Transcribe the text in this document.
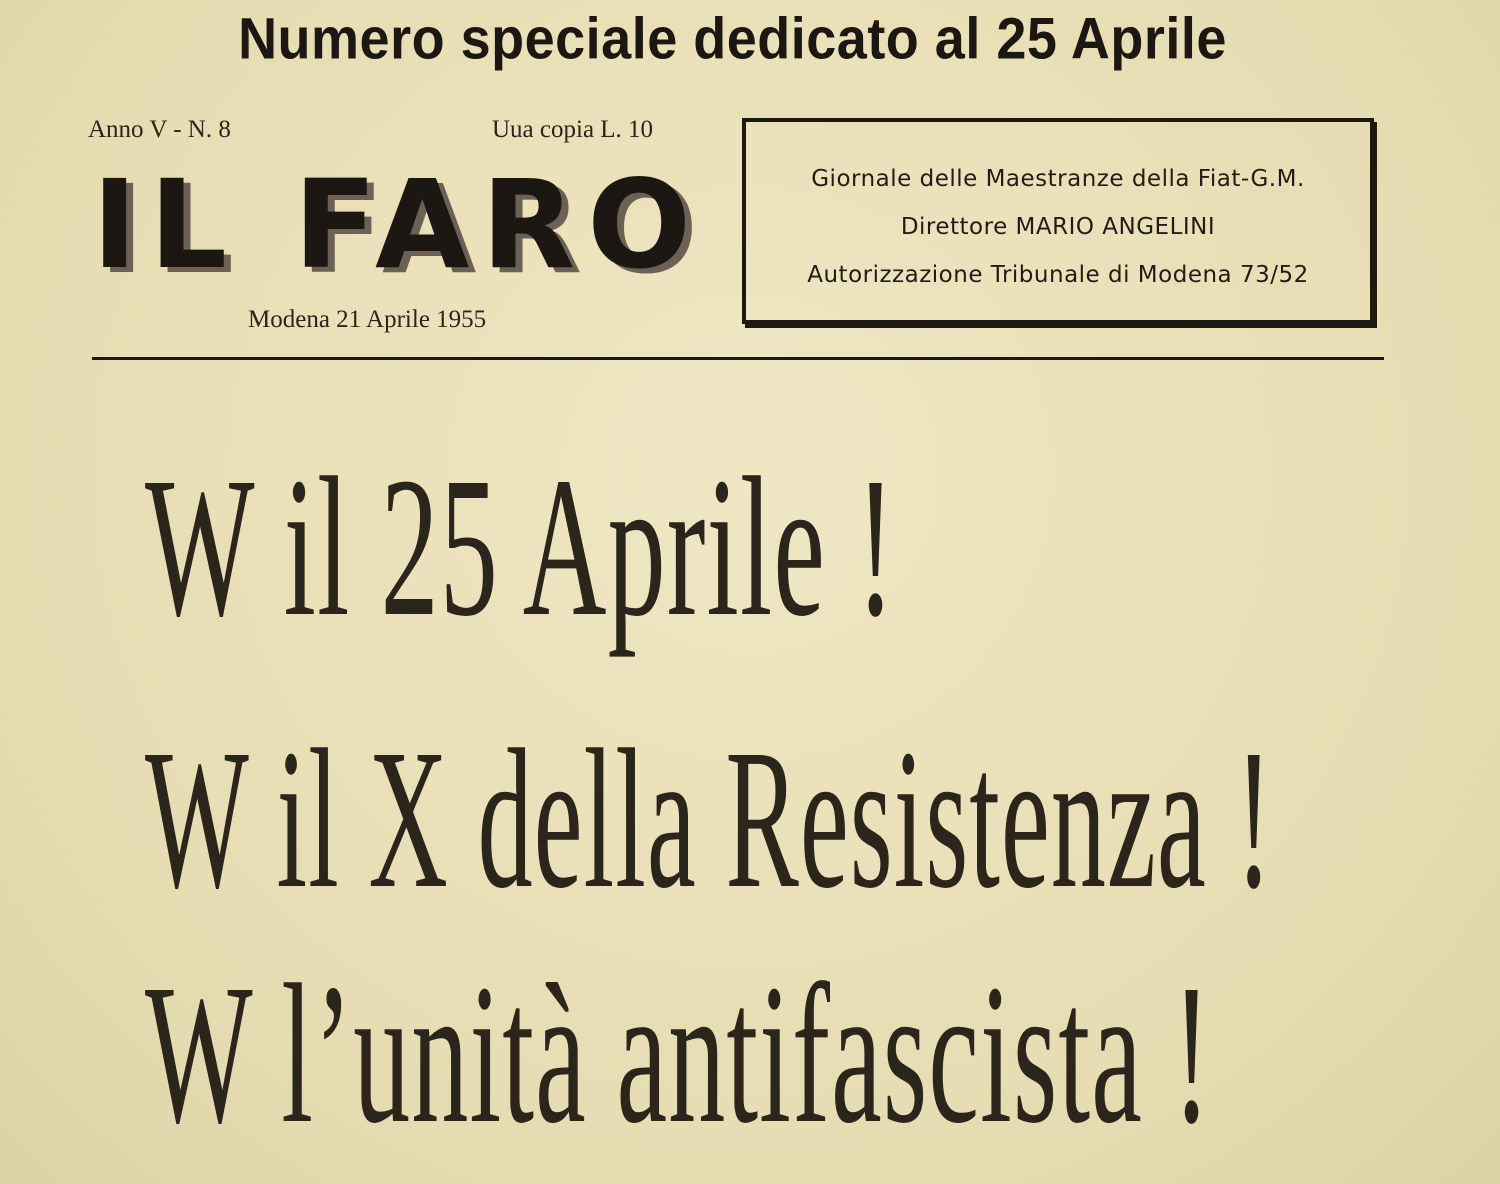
Numero speciale dedicato al 25 Aprile
Anno V - N. 8	Uua copia L. 10
IL FARO
Modena 21 Aprile 1955
Giornale delle Maestranze della Fiat-G.M.
Direttore MARIO ANGELINI
Autorizzazione Tribunale di Modena 73/52
W il 25 Aprile !
W il X della Resistenza !
W l’unità antifascista !
